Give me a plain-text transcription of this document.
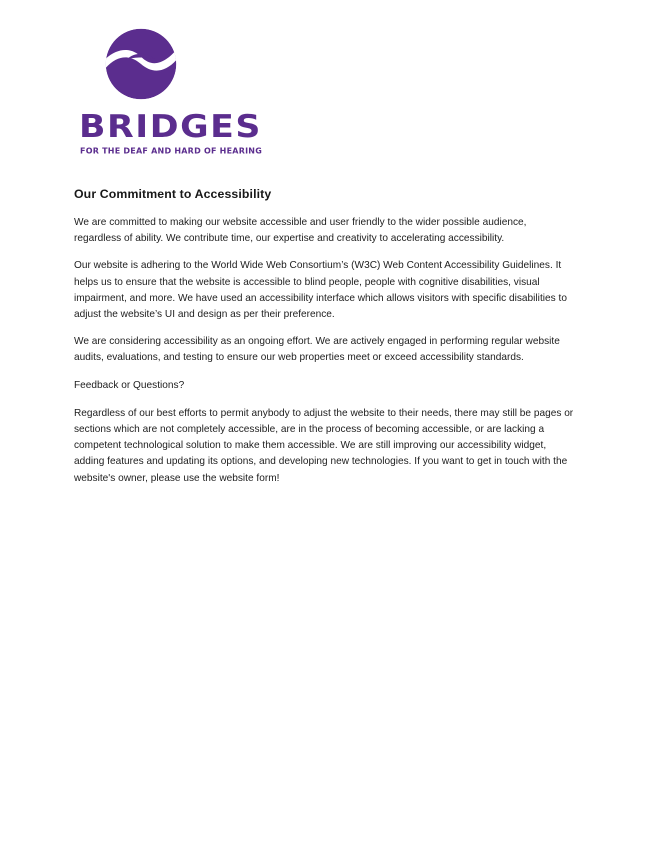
BRIDGES
FOR THE DEAF AND HARD OF HEARING
Our Commitment to Accessibility

We are committed to making our website accessible and user friendly to the wider possible audience, regardless of ability. We contribute time, our expertise and creativity to accelerating accessibility.

Our website is adhering to the World Wide Web Consortium’s (W3C) Web Content Accessibility Guidelines. It helps us to ensure that the website is accessible to blind people, people with cognitive disabilities, visual impairment, and more. We have used an accessibility interface which allows visitors with specific disabilities to adjust the website’s UI and design as per their preference.

We are considering accessibility as an ongoing effort. We are actively engaged in performing regular website audits, evaluations, and testing to ensure our web properties meet or exceed accessibility standards.

Feedback or Questions?

Regardless of our best efforts to permit anybody to adjust the website to their needs, there may still be pages or sections which are not completely accessible, are in the process of becoming accessible, or are lacking a competent technological solution to make them accessible. We are still improving our accessibility widget, adding features and updating its options, and developing new technologies. If you want to get in touch with the website's owner, please use the website form!
